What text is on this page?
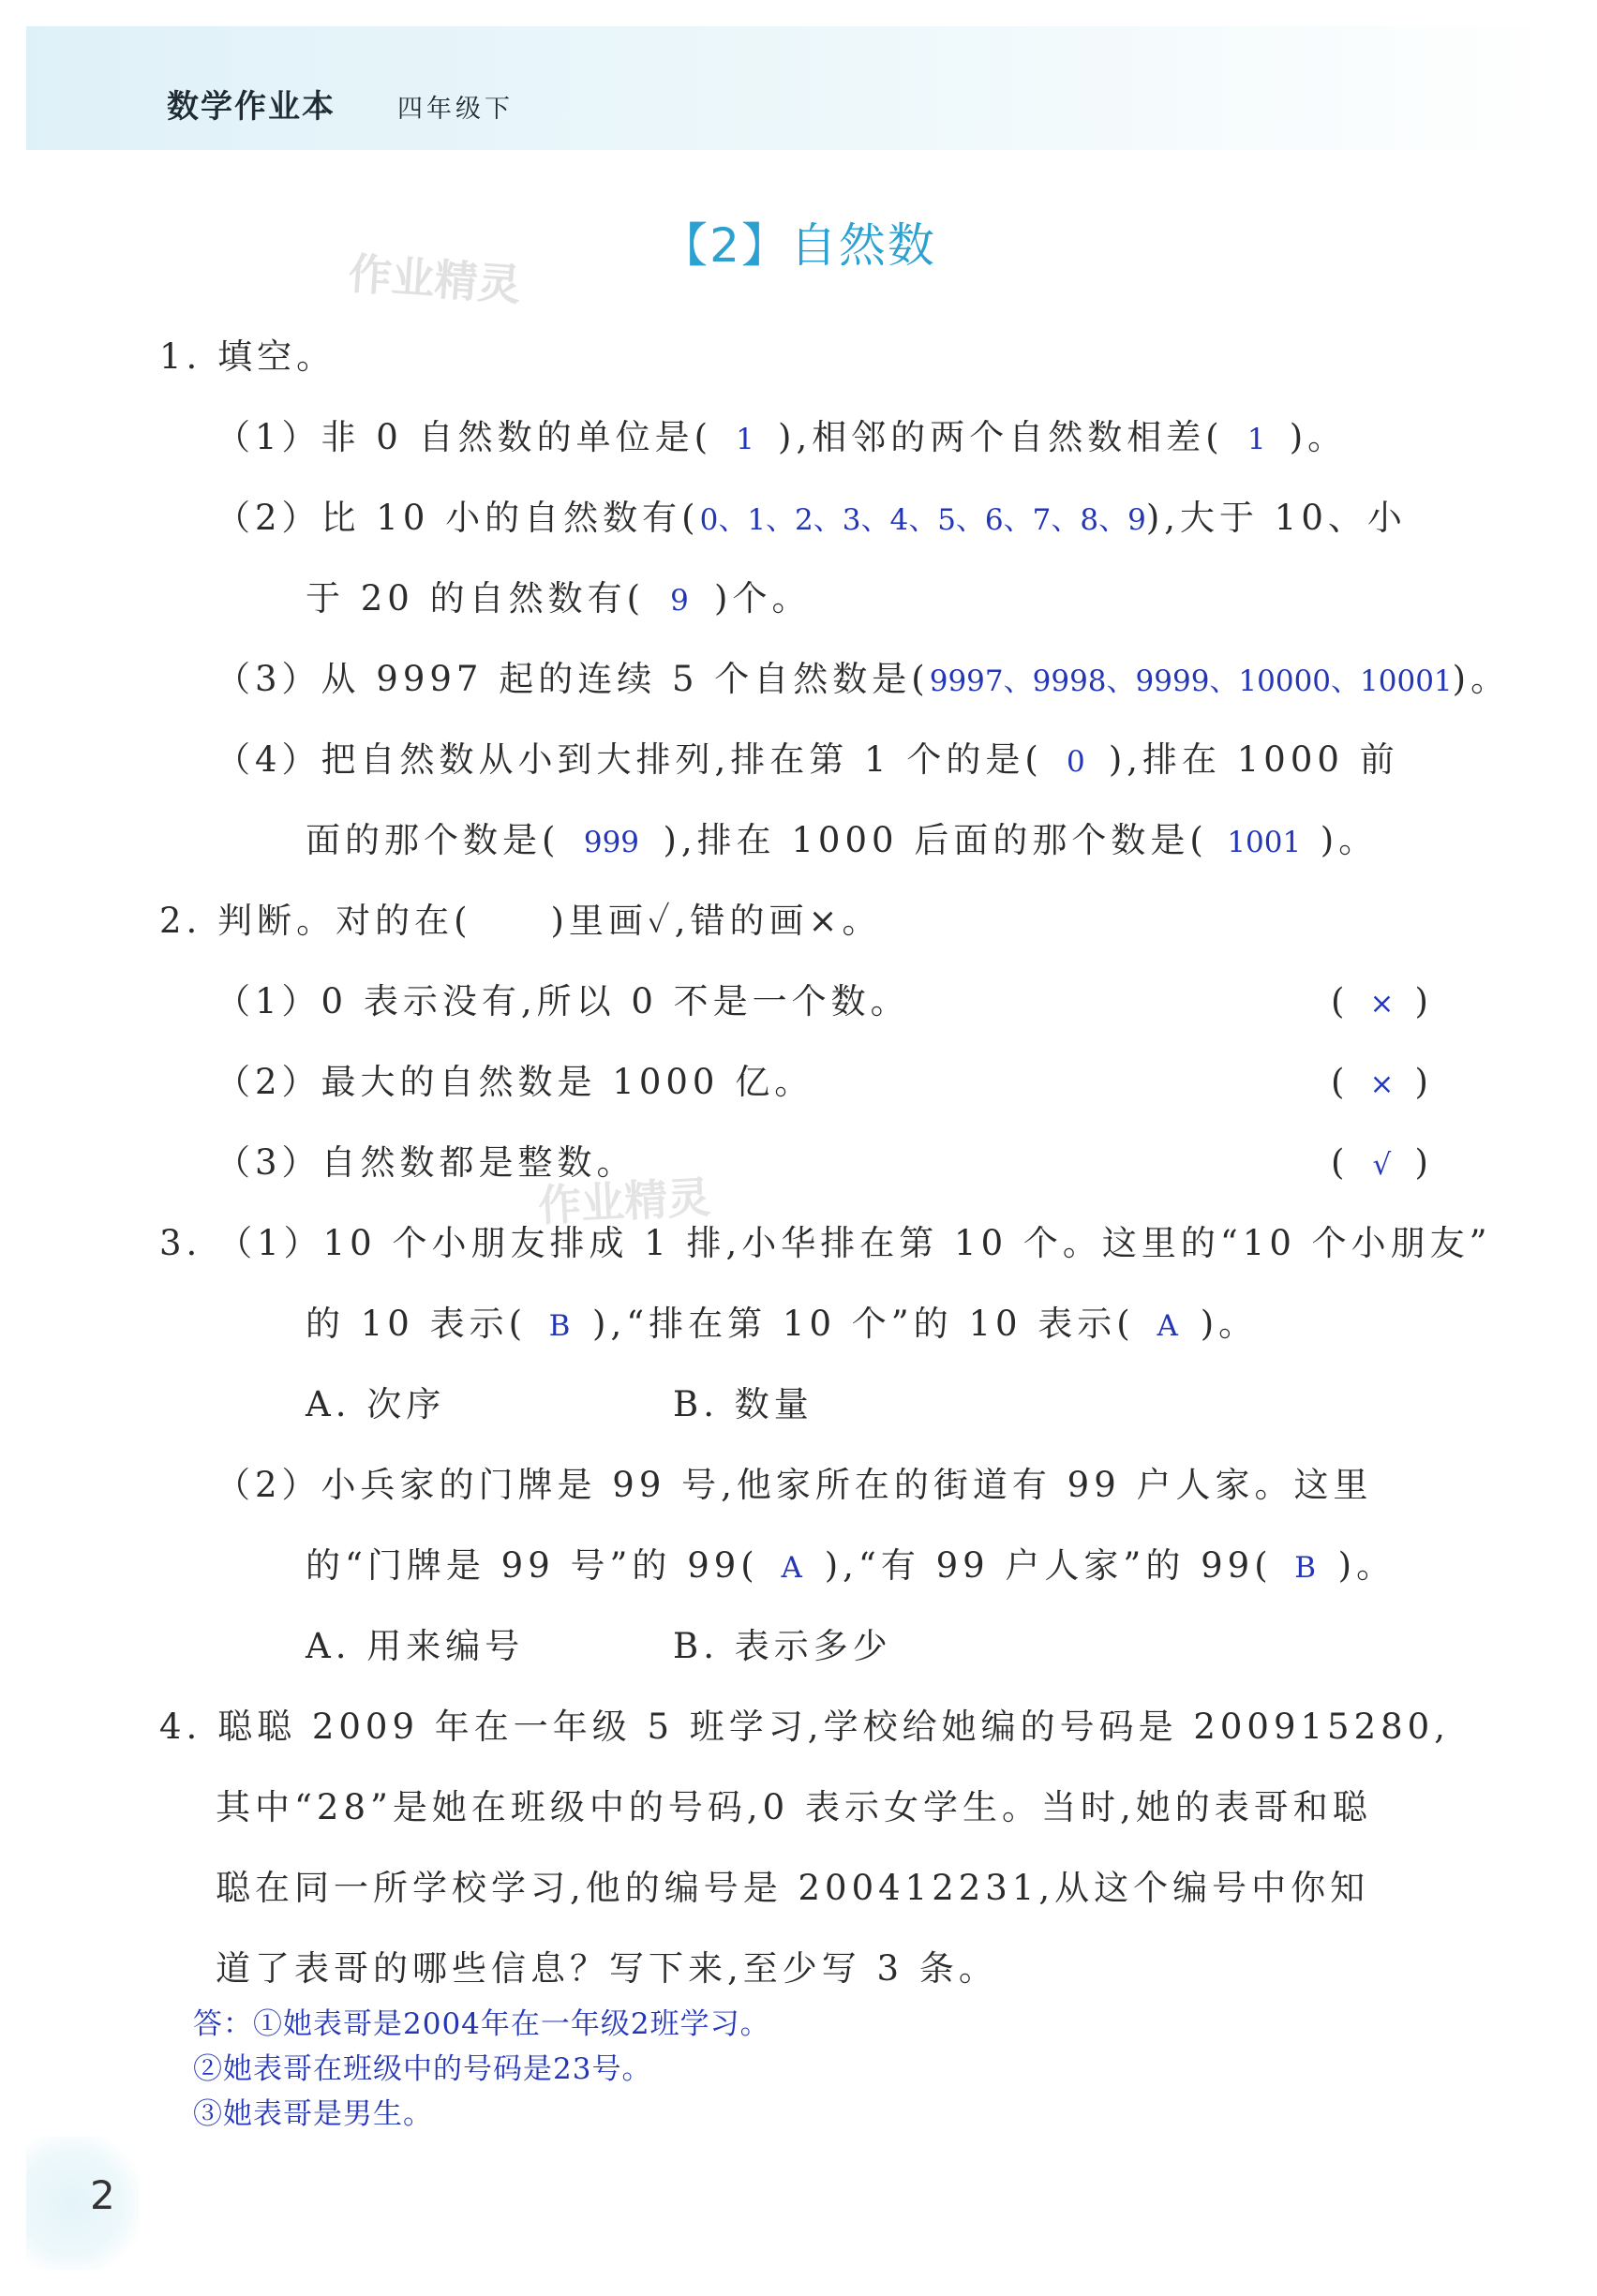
数学作业本 四年级下
【2】自然数
作业精灵
1. 填空。
（1）非 0 自然数的单位是( 1 ),相邻的两个自然数相差( 1 )。
（2）比 10 小的自然数有(0、1、2、3、4、5、6、7、8、9),大于 10、小
于 20 的自然数有( 9 )个。
（3）从 9997 起的连续 5 个自然数是(9997、9998、9999、10000、10001)。
（4）把自然数从小到大排列,排在第 1 个的是( 0 ),排在 1000 前
面的那个数是( 999 ),排在 1000 后面的那个数是( 1001 )。
2. 判断。对的在(　　)里画✓,错的画×。
（1）0 表示没有,所以 0 不是一个数。	( × )
（2）最大的自然数是 1000 亿。	( × )
（3）自然数都是整数。	( √ )
作业精灵
3. （1）10 个小朋友排成 1 排,小华排在第 10 个。这里的“10 个小朋友”
的 10 表示( B ),“排在第 10 个”的 10 表示( A )。
A. 次序	B. 数量
（2）小兵家的门牌是 99 号,他家所在的街道有 99 户人家。这里
的“门牌是 99 号”的 99( A ),“有 99 户人家”的 99( B )。
A. 用来编号	B. 表示多少
4. 聪聪 2009 年在一年级 5 班学习,学校给她编的号码是 200915280,
其中“28”是她在班级中的号码,0 表示女学生。当时,她的表哥和聪
聪在同一所学校学习,他的编号是 200412231,从这个编号中你知
道了表哥的哪些信息？写下来,至少写 3 条。
答：①她表哥是2004年在一年级2班学习。
②她表哥在班级中的号码是23号。
③她表哥是男生。
2
